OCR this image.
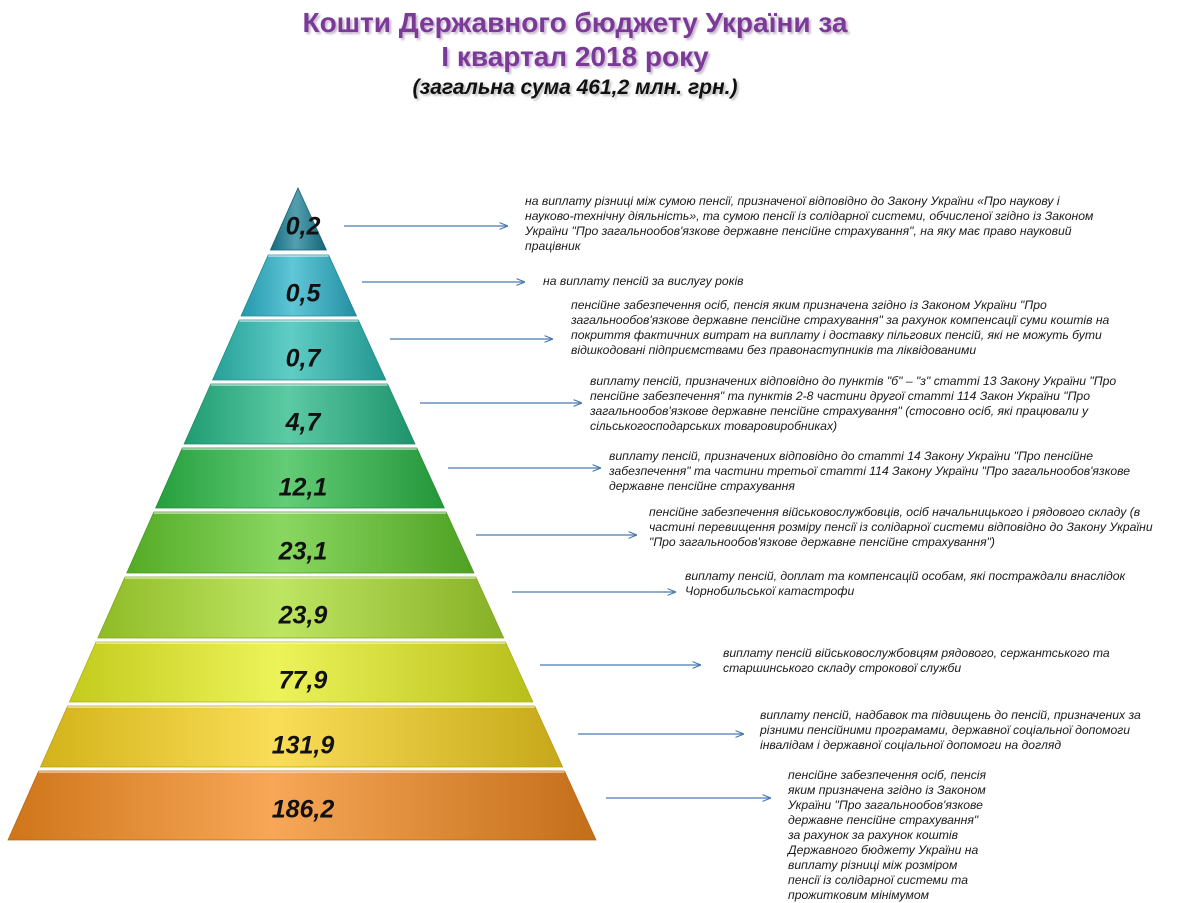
Кошти Державного бюджету України за
І квартал 2018 року
(загальна сума 461,2 млн. грн.)
0,2
0,5
0,7
4,7
12,1
23,1
23,9
77,9
131,9
186,2

на виплату різниці між сумою пенсії, призначеної відповідно до Закону України «Про наукову і науково-технічну діяльність», та сумою пенсії із солідарної системи, обчисленої згідно із Законом України "Про загальнообов'язкове державне пенсійне страхування", на яку має право науковий працівник

на виплату пенсій за вислугу років

пенсійне забезпечення осіб, пенсія яким призначена згідно із Законом України "Про загальнообов'язкове державне пенсійне страхування" за рахунок компенсації суми коштів на покриття фактичних витрат на виплату і доставку пільгових пенсій, які не можуть бути відшкодовані підприємствами без правонаступників та ліквідованими

виплату пенсій, призначених відповідно до пунктів "б" – "з" статті 13 Закону України "Про пенсійне забезпечення" та пунктів 2-8 частини другої статті 114 Закон України "Про загальнообов'язкове державне пенсійне страхування" (стосовно осіб, які працювали у сільськогосподарських товаровиробниках)

виплату пенсій, призначених відповідно до статті 14 Закону України "Про пенсійне забезпечення" та частини третьої статті 114 Закону України "Про загальнообов'язкове державне пенсійне страхування

пенсійне забезпечення військовослужбовців, осіб начальницького і рядового складу (в частині перевищення розміру пенсії із солідарної системи відповідно до Закону України "Про загальнообов'язкове державне пенсійне страхування")

виплату пенсій, доплат та компенсацій особам, які постраждали внаслідок Чорнобильської катастрофи

виплату пенсій військовослужбовцям рядового, сержантського та старшинського складу строкової служби

виплату пенсій, надбавок та підвищень до пенсій, призначених за різними пенсійними програмами, державної соціальної допомоги інвалідам і державної соціальної допомоги на догляд

пенсійне забезпечення осіб, пенсія яким призначена згідно із Законом України "Про загальнообов'язкове державне пенсійне страхування" за рахунок за рахунок коштів Державного бюджету України на виплату різниці між розміром пенсії із солідарної системи та прожитковим мінімумом
